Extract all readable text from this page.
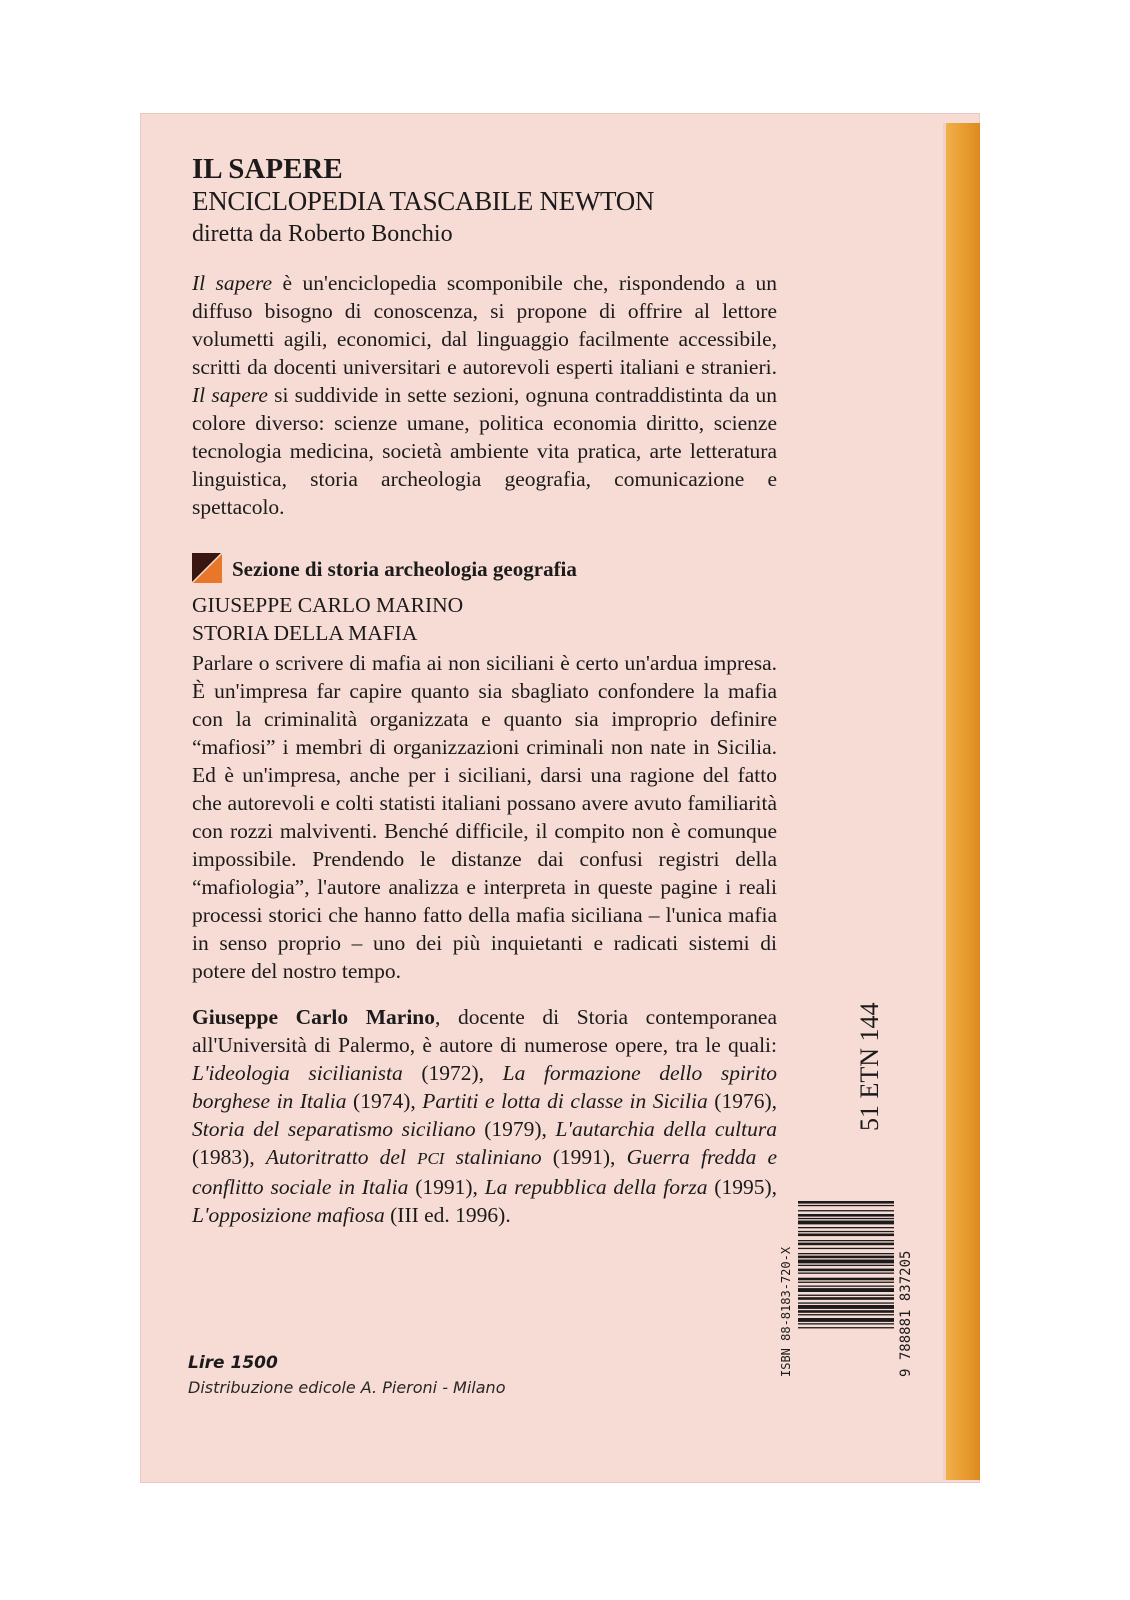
IL SAPERE

ENCICLOPEDIA TASCABILE NEWTON

diretta da Roberto Bonchio

Il sapere è un'enciclopedia scomponibile che, rispondendo a un diffuso bisogno di conoscenza, si propone di offrire al lettore volumetti agili, economici, dal linguaggio facilmente accessibile, scritti da docenti universitari e autorevoli esperti italiani e stranieri. Il sapere si suddivide in sette sezioni, ognuna contraddistinta da un colore diverso: scienze umane, politica economia diritto, scienze tecnologia medicina, società ambiente vita pratica, arte letteratura linguistica, storia archeologia geografia, comunicazione e spettacolo.

Sezione di storia archeologia geografia

GIUSEPPE CARLO MARINO

STORIA DELLA MAFIA

Parlare o scrivere di mafia ai non siciliani è certo un'ardua impresa. È un'impresa far capire quanto sia sbagliato confondere la mafia con la criminalità organizzata e quanto sia improprio definire “mafiosi” i membri di organizzazioni criminali non nate in Sicilia. Ed è un'impresa, anche per i siciliani, darsi una ragione del fatto che autorevoli e colti statisti italiani possano avere avuto familiarità con rozzi malviventi. Benché difficile, il compito non è comunque impossibile. Prendendo le distanze dai confusi registri della “mafiologia”, l'autore analizza e interpreta in queste pagine i reali processi storici che hanno fatto della mafia siciliana – l'unica mafia in senso proprio – uno dei più inquietanti e radicati sistemi di potere del nostro tempo.

Giuseppe Carlo Marino, docente di Storia contemporanea all'Università di Palermo, è autore di numerose opere, tra le quali: L'ideologia sicilianista (1972), La formazione dello spirito borghese in Italia (1974), Partiti e lotta di classe in Sicilia (1976), Storia del separatismo siciliano (1979), L'autarchia della cultura (1983), Autoritratto del PCI staliniano (1991), Guerra fredda e conflitto sociale in Italia (1991), La repubblica della forza (1995), L'opposizione mafiosa (III ed. 1996).

Lire 1500
Distribuzione edicole A. Pieroni - Milano
51 ETN 144
ISBN 88-8183-720-X	9 788881 837205
